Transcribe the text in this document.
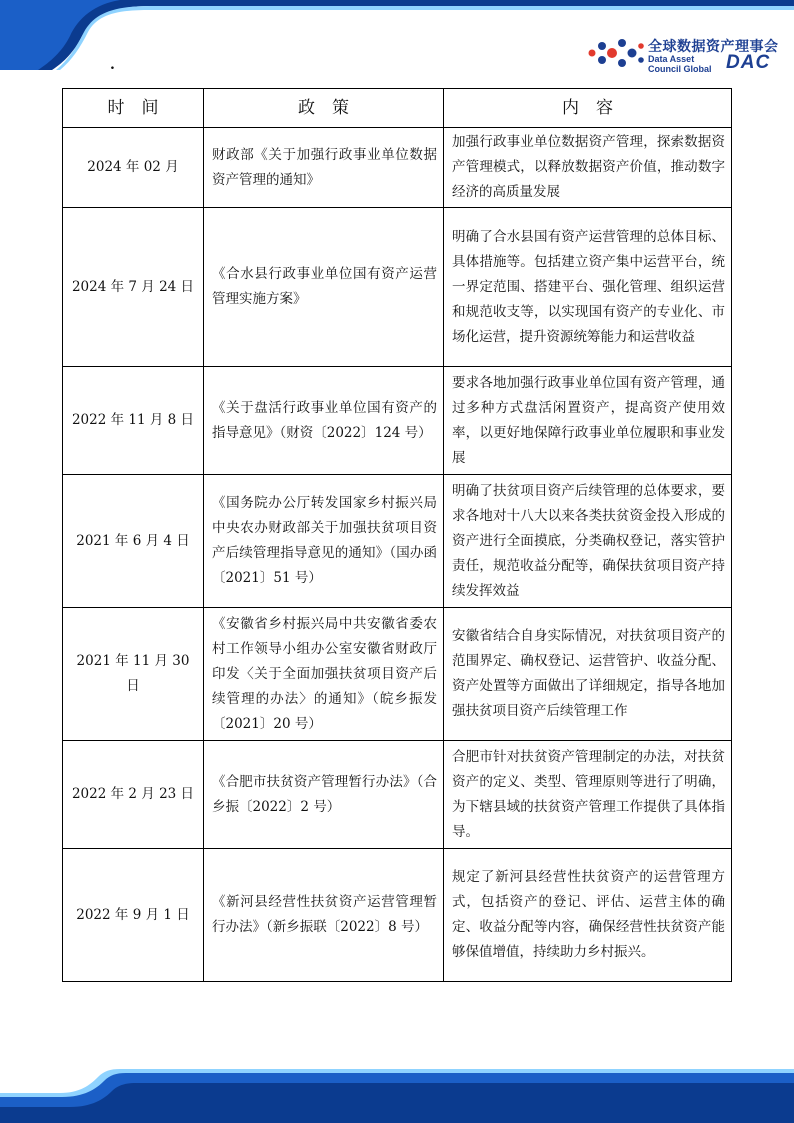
.
全球数据资产理事会
Data Asset
Council Global DAC
时　间	政　策	内　容
2024 年 02 月	财政部《关于加强行政事业单位数据资产管理的通知》	加强行政事业单位数据资产管理，探索数据资产管理模式，以释放数据资产价值，推动数字经济的高质量发展
2024 年 7 月 24 日	《合水县行政事业单位国有资产运营管理实施方案》	明确了合水县国有资产运营管理的总体目标、具体措施等。包括建立资产集中运营平台，统一界定范围、搭建平台、强化管理、组织运营和规范收支等，以实现国有资产的专业化、市场化运营，提升资源统筹能力和运营收益
2022 年 11 月 8 日	《关于盘活行政事业单位国有资产的指导意见》（财资〔2022〕124 号）	要求各地加强行政事业单位国有资产管理，通过多种方式盘活闲置资产，提高资产使用效率，以更好地保障行政事业单位履职和事业发展
2021 年 6 月 4 日	《国务院办公厅转发国家乡村振兴局中央农办财政部关于加强扶贫项目资产后续管理指导意见的通知》（国办函〔2021〕51 号）	明确了扶贫项目资产后续管理的总体要求，要求各地对十八大以来各类扶贫资金投入形成的资产进行全面摸底，分类确权登记，落实管护责任，规范收益分配等，确保扶贫项目资产持续发挥效益
2021 年 11 月 30 日	《安徽省乡村振兴局中共安徽省委农村工作领导小组办公室安徽省财政厅印发〈关于全面加强扶贫项目资产后续管理的办法〉的通知》（皖乡振发〔2021〕20 号）	安徽省结合自身实际情况，对扶贫项目资产的范围界定、确权登记、运营管护、收益分配、资产处置等方面做出了详细规定，指导各地加强扶贫项目资产后续管理工作
2022 年 2 月 23 日	《合肥市扶贫资产管理暂行办法》（合乡振〔2022〕2 号）	合肥市针对扶贫资产管理制定的办法，对扶贫资产的定义、类型、管理原则等进行了明确，为下辖县域的扶贫资产管理工作提供了具体指导。
2022 年 9 月 1 日	《新河县经营性扶贫资产运营管理暂行办法》（新乡振联〔2022〕8 号）	规定了新河县经营性扶贫资产的运营管理方式，包括资产的登记、评估、运营主体的确定、收益分配等内容，确保经营性扶贫资产能够保值增值，持续助力乡村振兴。
